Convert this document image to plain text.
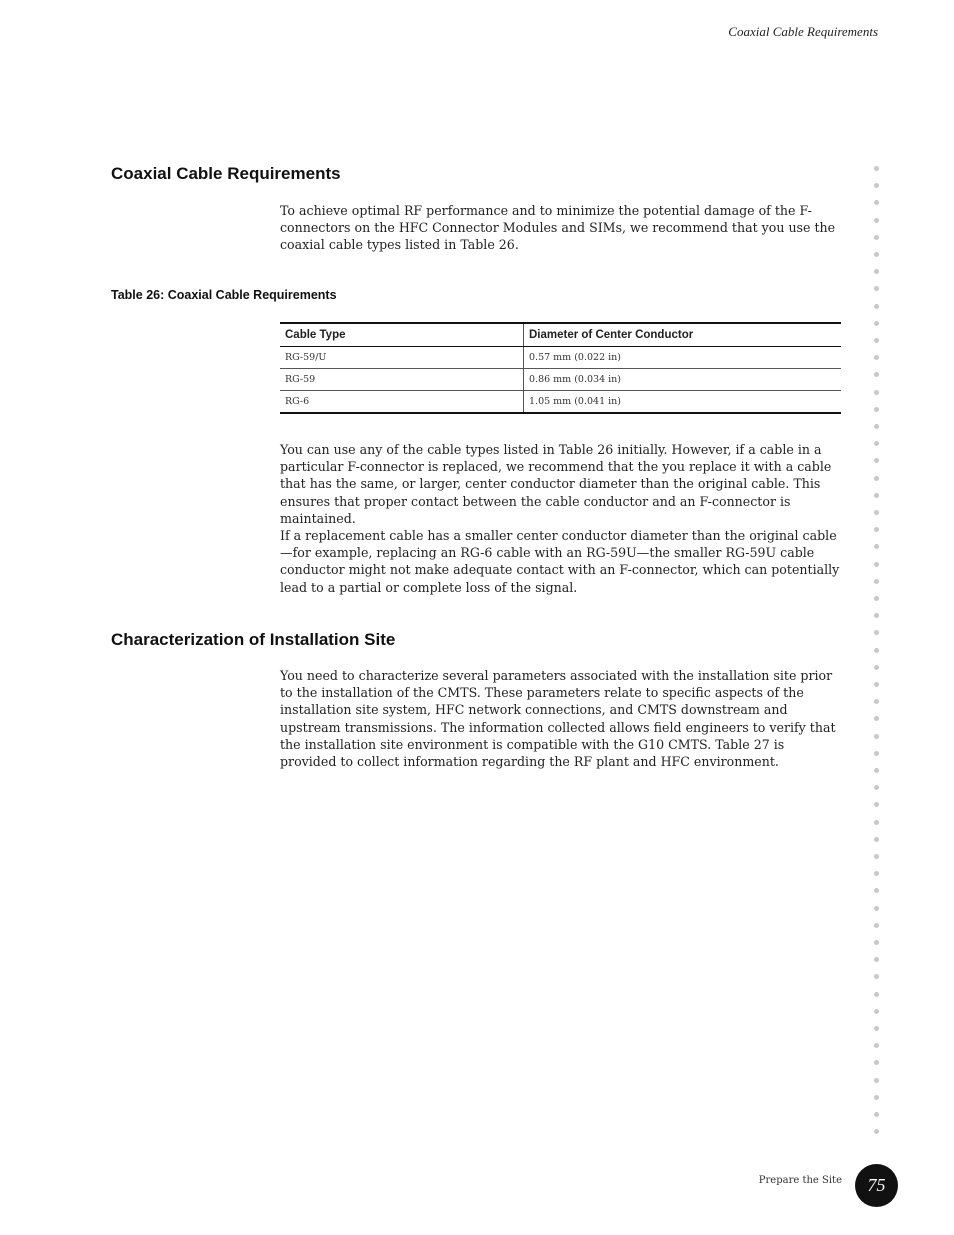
Coaxial Cable Requirements
Coaxial Cable Requirements

To achieve optimal RF performance and to minimize the potential damage of the F-connectors on the HFC Connector Modules and SIMs, we recommend that you use the coaxial cable types listed in Table 26.

Table 26: Coaxial Cable Requirements
Cable Type	Diameter of Center Conductor
RG-59/U	0.57 mm (0.022 in)
RG-59	0.86 mm (0.034 in)
RG-6	1.05 mm (0.041 in)

You can use any of the cable types listed in Table 26 initially. However, if a cable in a particular F-connector is replaced, we recommend that the you replace it with a cable that has the same, or larger, center conductor diameter than the original cable. This ensures that proper contact between the cable conductor and an F-connector is maintained.

If a replacement cable has a smaller center conductor diameter than the original cable—for example, replacing an RG-6 cable with an RG-59U—the smaller RG-59U cable conductor might not make adequate contact with an F-connector, which can potentially lead to a partial or complete loss of the signal.

Characterization of Installation Site

You need to characterize several parameters associated with the installation site prior to the installation of the CMTS. These parameters relate to specific aspects of the installation site system, HFC network connections, and CMTS downstream and upstream transmissions. The information collected allows field engineers to verify that the installation site environment is compatible with the G10 CMTS. Table 27 is provided to collect information regarding the RF plant and HFC environment.

Prepare the Site	75
